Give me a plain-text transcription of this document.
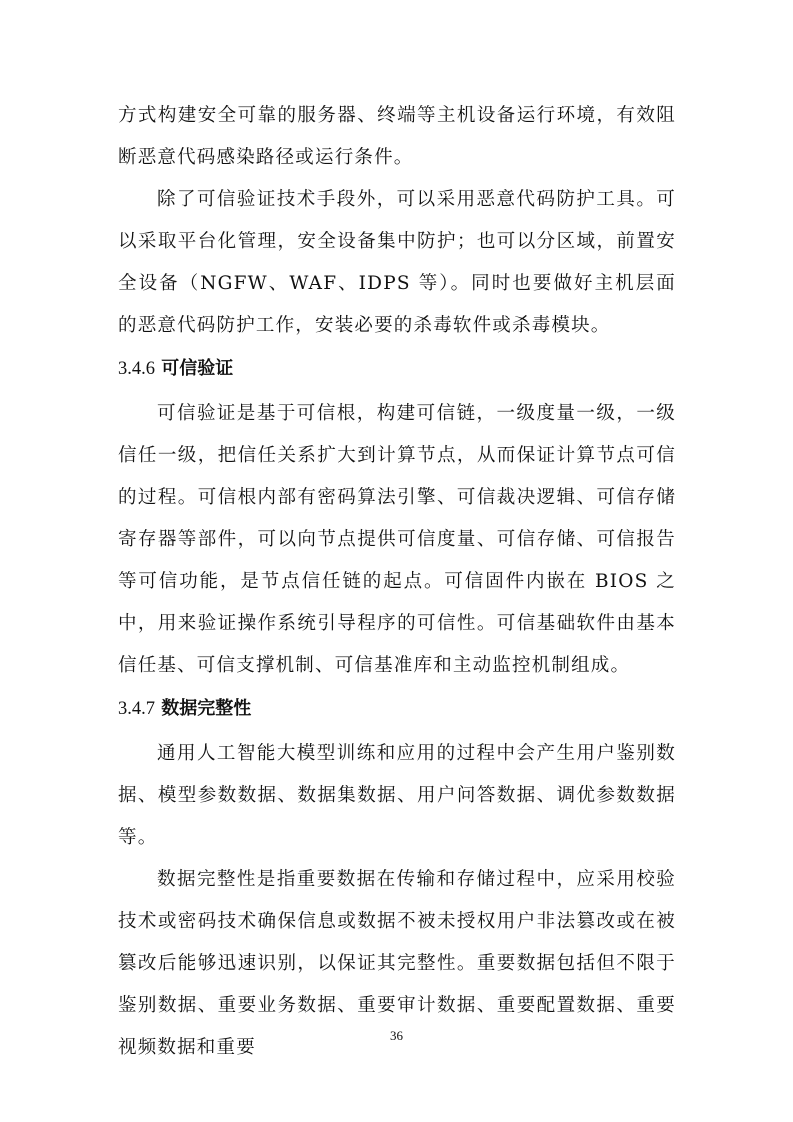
方式构建安全可靠的服务器、终端等主机设备运行环境，有效阻断恶意代码感染路径或运行条件。

除了可信验证技术手段外，可以采用恶意代码防护工具。可以采取平台化管理，安全设备集中防护；也可以分区域，前置安全设备（NGFW、WAF、IDPS 等）。同时也要做好主机层面的恶意代码防护工作，安装必要的杀毒软件或杀毒模块。

3.4.6 可信验证

可信验证是基于可信根，构建可信链，一级度量一级，一级信任一级，把信任关系扩大到计算节点，从而保证计算节点可信的过程。可信根内部有密码算法引擎、可信裁决逻辑、可信存储寄存器等部件，可以向节点提供可信度量、可信存储、可信报告等可信功能，是节点信任链的起点。可信固件内嵌在 BIOS 之中，用来验证操作系统引导程序的可信性。可信基础软件由基本信任基、可信支撑机制、可信基准库和主动监控机制组成。

3.4.7 数据完整性

通用人工智能大模型训练和应用的过程中会产生用户鉴别数据、模型参数数据、数据集数据、用户问答数据、调优参数数据等。

数据完整性是指重要数据在传输和存储过程中，应采用校验技术或密码技术确保信息或数据不被未授权用户非法篡改或在被篡改后能够迅速识别，以保证其完整性。重要数据包括但不限于鉴别数据、重要业务数据、重要审计数据、重要配置数据、重要视频数据和重要

36
